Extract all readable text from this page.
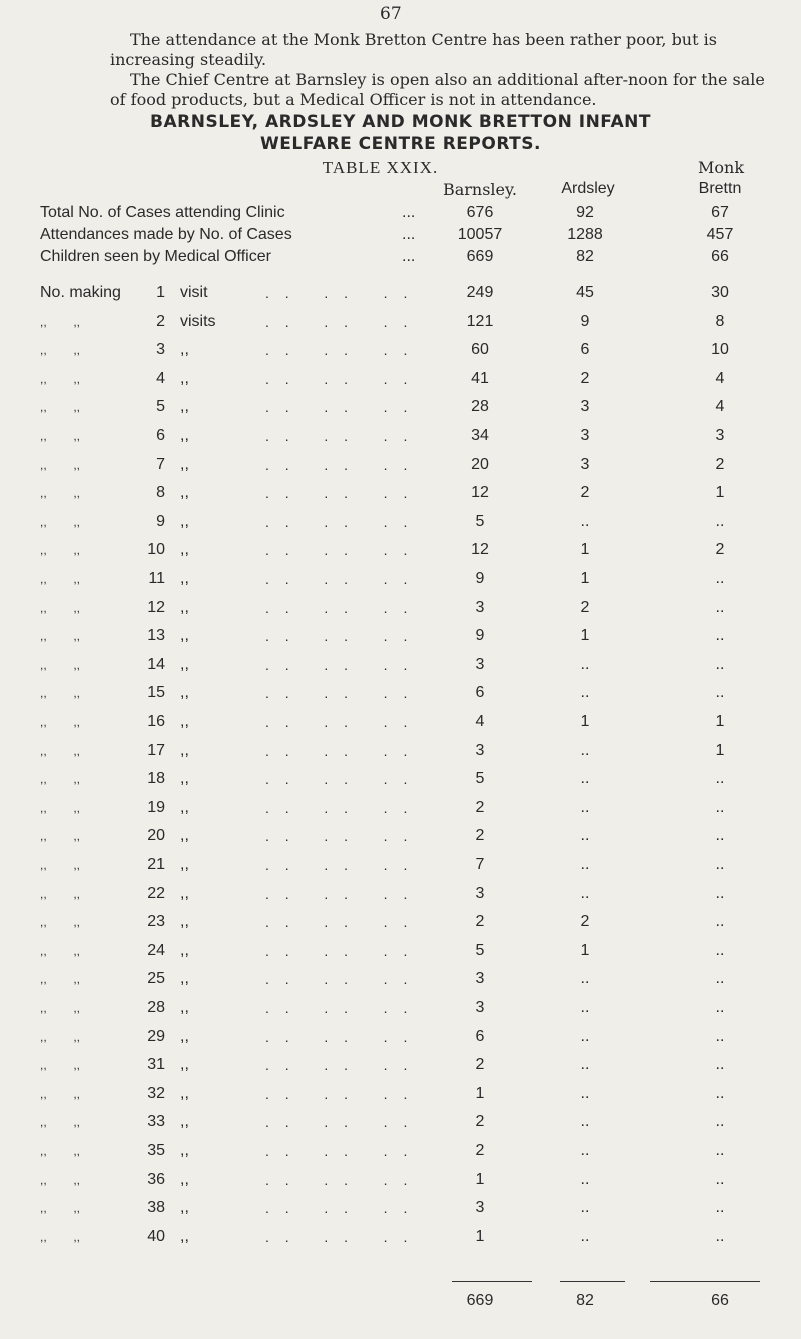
67

The attendance at the Monk Bretton Centre has been rather poor, but is increasing steadily.

The Chief Centre at Barnsley is open also an additional after-noon for the sale of food products, but a Medical Officer is not in attendance.

BARNSLEY, ARDSLEY AND MONK BRETTON INFANT
WELFARE CENTRE REPORTS.
TABLE XXIX.	Monk
Barnsley.	Ardsley	Brettn
Total No. of Cases attending Clinic	...	676	92	67
Attendances made by No. of Cases	...	10057	1288	457
Children seen by Medical Officer	...	669	82	66
No. making	1 visit	. .   . .   . .	249	45	30
,,        ,,	2 visits	. .   . .   . .	121	9	8
,,        ,,	3 ,,	. .   . .   . .	60	6	10
,,        ,,	4 ,,	. .   . .   . .	41	2	4
,,        ,,	5 ,,	. .   . .   . .	28	3	4
,,        ,,	6 ,,	. .   . .   . .	34	3	3
,,        ,,	7 ,,	. .   . .   . .	20	3	2
,,        ,,	8 ,,	. .   . .   . .	12	2	1
,,        ,,	9 ,,	. .   . .   . .	5	..	..
,,        ,,	10 ,,	. .   . .   . .	12	1	2
,,        ,,	11 ,,	. .   . .   . .	9	1	..
,,        ,,	12 ,,	. .   . .   . .	3	2	..
,,        ,,	13 ,,	. .   . .   . .	9	1	..
,,        ,,	14 ,,	. .   . .   . .	3	..	..
,,        ,,	15 ,,	. .   . .   . .	6	..	..
,,        ,,	16 ,,	. .   . .   . .	4	1	1
,,        ,,	17 ,,	. .   . .   . .	3	..	1
,,        ,,	18 ,,	. .   . .   . .	5	..	..
,,        ,,	19 ,,	. .   . .   . .	2	..	..
,,        ,,	20 ,,	. .   . .   . .	2	..	..
,,        ,,	21 ,,	. .   . .   . .	7	..	..
,,        ,,	22 ,,	. .   . .   . .	3	..	..
,,        ,,	23 ,,	. .   . .   . .	2	2	..
,,        ,,	24 ,,	. .   . .   . .	5	1	..
,,        ,,	25 ,,	. .   . .   . .	3	..	..
,,        ,,	28 ,,	. .   . .   . .	3	..	..
,,        ,,	29 ,,	. .   . .   . .	6	..	..
,,        ,,	31 ,,	. .   . .   . .	2	..	..
,,        ,,	32 ,,	. .   . .   . .	1	..	..
,,        ,,	33 ,,	. .   . .   . .	2	..	..
,,        ,,	35 ,,	. .   . .   . .	2	..	..
,,        ,,	36 ,,	. .   . .   . .	1	..	..
,,        ,,	38 ,,	. .   . .   . .	3	..	..
,,        ,,	40 ,,	. .   . .   . .	1	..	..
669	82	66
